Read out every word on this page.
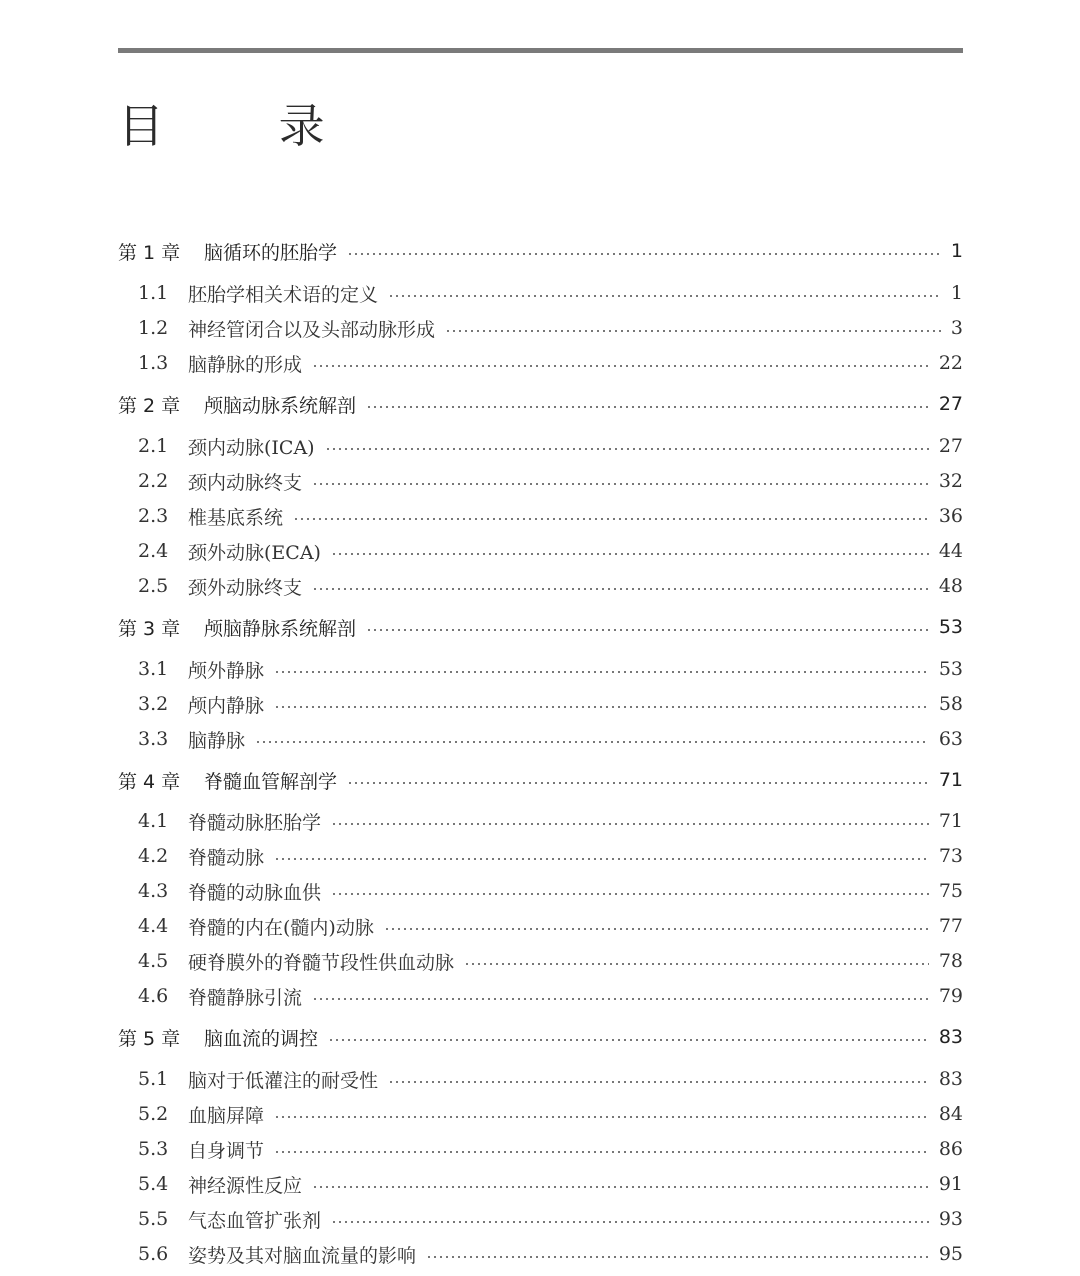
目 录
第 1 章	脑循环的胚胎学	1
1.1	胚胎学相关术语的定义	1
1.2	神经管闭合以及头部动脉形成	3
1.3	脑静脉的形成	22
第 2 章	颅脑动脉系统解剖	27
2.1	颈内动脉(ICA)	27
2.2	颈内动脉终支	32
2.3	椎基底系统	36
2.4	颈外动脉(ECA)	44
2.5	颈外动脉终支	48
第 3 章	颅脑静脉系统解剖	53
3.1	颅外静脉	53
3.2	颅内静脉	58
3.3	脑静脉	63
第 4 章	脊髓血管解剖学	71
4.1	脊髓动脉胚胎学	71
4.2	脊髓动脉	73
4.3	脊髓的动脉血供	75
4.4	脊髓的内在(髓内)动脉	77
4.5	硬脊膜外的脊髓节段性供血动脉	78
4.6	脊髓静脉引流	79
第 5 章	脑血流的调控	83
5.1	脑对于低灌注的耐受性	83
5.2	血脑屏障	84
5.3	自身调节	86
5.4	神经源性反应	91
5.5	气态血管扩张剂	93
5.6	姿势及其对脑血流量的影响	95
